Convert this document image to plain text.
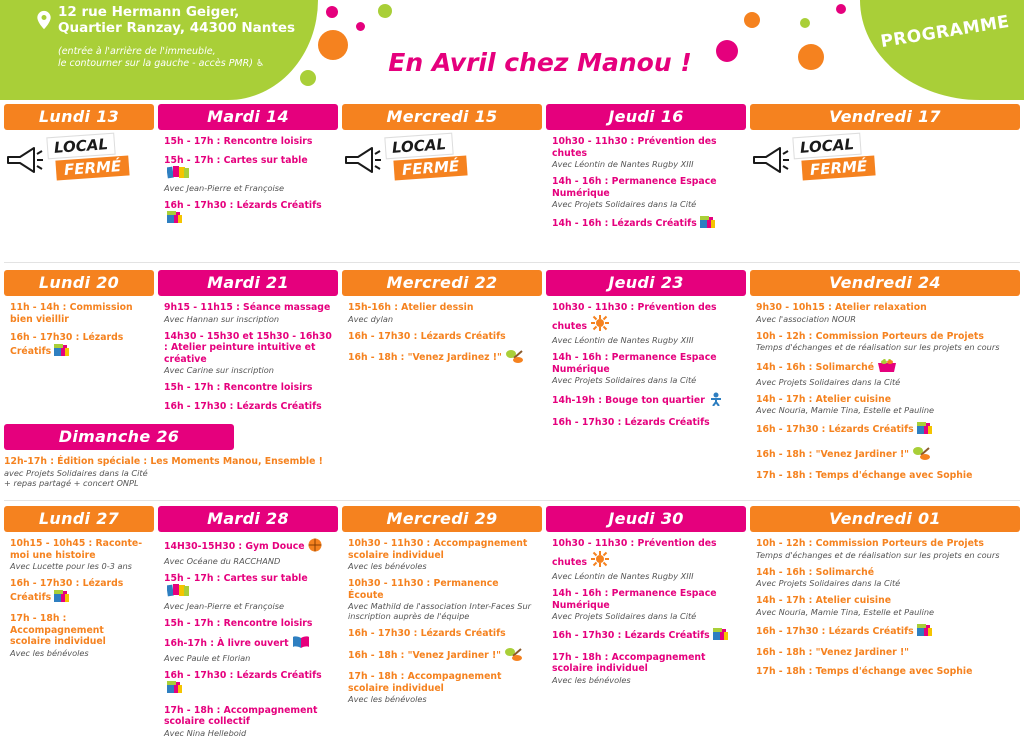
12 rue Hermann Geiger,
Quartier Ranzay, 44300 Nantes
(entrée à l'arrière de l'immeuble,
le contourner sur la gauche - accès PMR) ♿
PROGRAMME
En Avril chez Manou !
Lundi 13
LOCAL
FERMÉ
Mardi 14
15h - 17h : Rencontre loisirs
15h - 17h : Cartes sur table
Avec Jean-Pierre et Françoise
16h - 17h30 : Lézards Créatifs
Mercredi 15
LOCAL
FERMÉ
Jeudi 16
10h30 - 11h30 : Prévention des chutes
Avec Léontin de Nantes Rugby XIII
14h - 16h : Permanence Espace Numérique
Avec Projets Solidaires dans la Cité
14h - 16h : Lézards Créatifs
Vendredi 17
LOCAL
FERMÉ
Lundi 20
11h - 14h : Commission bien vieillir
16h - 17h30 : Lézards Créatifs
Mardi 21
9h15 - 11h15 : Séance massage
Avec Hannan sur inscription
14h30 - 15h30 et 15h30 - 16h30 : Atelier peinture intuitive et créative
Avec Carine sur inscription
15h - 17h : Rencontre loisirs
16h - 17h30 : Lézards Créatifs
Mercredi 22
15h-16h : Atelier dessin
Avec dylan
16h - 17h30 : Lézards Créatifs
16h - 18h : "Venez Jardinez !"
Jeudi 23
10h30 - 11h30 : Prévention des chutes
Avec Léontin de Nantes Rugby XIII
14h - 16h : Permanence Espace Numérique
Avec Projets Solidaires dans la Cité
14h-19h : Bouge ton quartier
16h - 17h30 : Lézards Créatifs
Vendredi 24
9h30 - 10h15 : Atelier relaxation
Avec l'association NOUR
10h - 12h : Commission Porteurs de Projets
Temps d'échanges et de réalisation sur les projets en cours
14h - 16h : Solimarché
Avec Projets Solidaires dans la Cité
14h - 17h : Atelier cuisine
Avec Nouria, Mamie Tina, Estelle et Pauline
16h - 17h30 : Lézards Créatifs
16h - 18h : "Venez Jardiner !"
17h - 18h : Temps d'échange avec Sophie
Dimanche 26
12h-17h : Édition spéciale : Les Moments Manou, Ensemble !
avec Projets Solidaires dans la Cité
+ repas partagé + concert ONPL
Lundi 27
10h15 - 10h45 : Raconte-moi une histoire
Avec Lucette pour les 0-3 ans
16h - 17h30 : Lézards Créatifs
17h - 18h : Accompagnement scolaire individuel
Avec les bénévoles
Mardi 28
14H30-15H30 : Gym Douce
Avec Océane du RACCHAND
15h - 17h : Cartes sur table
Avec Jean-Pierre et Françoise
15h - 17h : Rencontre loisirs
16h-17h : À livre ouvert
Avec Paule et Florian
16h - 17h30 : Lézards Créatifs
17h - 18h : Accompagnement scolaire collectif
Avec Nina Helleboid
Mercredi 29
10h30 - 11h30 : Accompagnement scolaire individuel
Avec les bénévoles
10h30 - 11h30 : Permanence Écoute
Avec Mathild de l'association Inter-Faces Sur inscription auprès de l'équipe
16h - 17h30 : Lézards Créatifs
16h - 18h : "Venez Jardiner !"
17h - 18h : Accompagnement scolaire individuel
Avec les bénévoles
Jeudi 30
10h30 - 11h30 : Prévention des chutes
Avec Léontin de Nantes Rugby XIII
14h - 16h : Permanence Espace Numérique
Avec Projets Solidaires dans la Cité
16h - 17h30 : Lézards Créatifs
17h - 18h : Accompagnement scolaire individuel
Avec les bénévoles
Vendredi 01
10h - 12h : Commission Porteurs de Projets
Temps d'échanges et de réalisation sur les projets en cours
14h - 16h : Solimarché
Avec Projets Solidaires dans la Cité
14h - 17h : Atelier cuisine
Avec Nouria, Mamie Tina, Estelle et Pauline
16h - 17h30 : Lézards Créatifs
16h - 18h : "Venez Jardiner !"
17h - 18h : Temps d'échange avec Sophie
